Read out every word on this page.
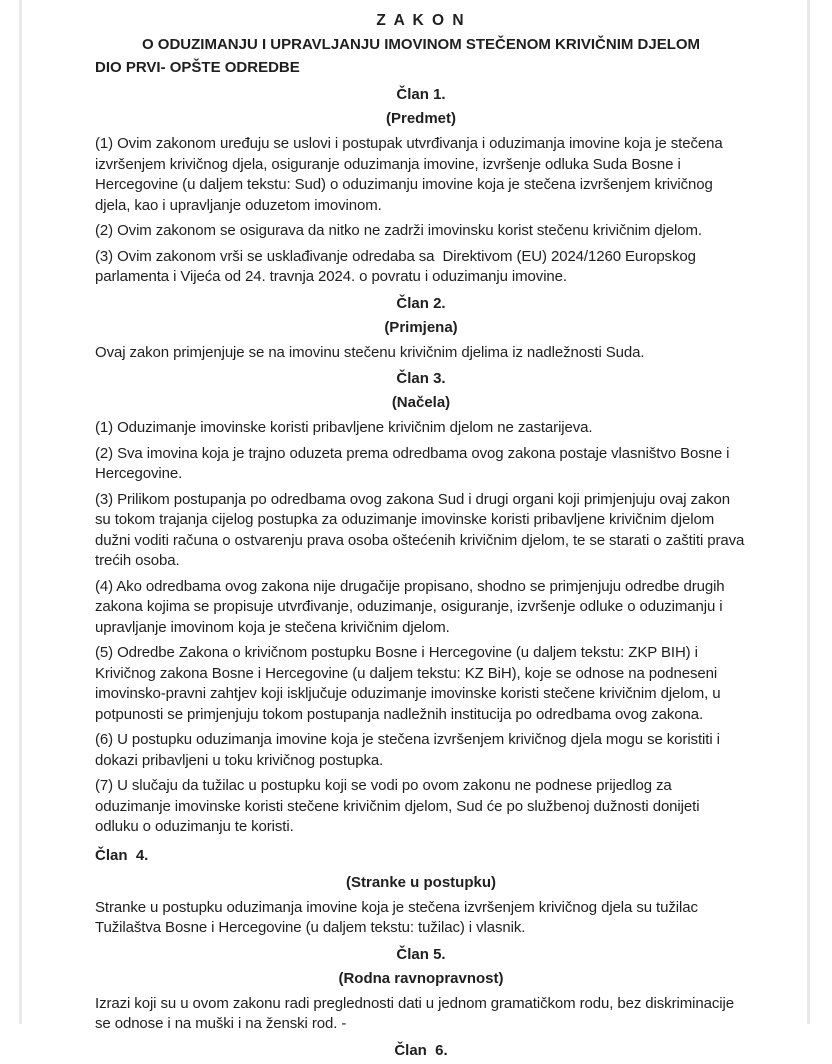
Z A K O N
O ODUZIMANJU I UPRAVLJANJU IMOVINOM STEČENOM KRIVIČNIM DJELOM
DIO PRVI- OPŠTE ODREDBE
Član 1.
(Predmet)

(1) Ovim zakonom uređuju se uslovi i postupak utvrđivanja i oduzimanja imovine koja je stečena izvršenjem krivičnog djela, osiguranje oduzimanja imovine, izvršenje odluka Suda Bosne i Hercegovine (u daljem tekstu: Sud) o oduzimanju imovine koja je stečena izvršenjem krivičnog djela, kao i upravljanje oduzetom imovinom.

(2) Ovim zakonom se osigurava da nitko ne zadrži imovinsku korist stečenu krivičnim djelom.

(3) Ovim zakonom vrši se usklađivanje odredaba sa  Direktivom (EU) 2024/1260 Europskog parlamenta i Vijeća od 24. travnja 2024. o povratu i oduzimanju imovine.

Član 2.
(Primjena)

Ovaj zakon primjenjuje se na imovinu stečenu krivičnim djelima iz nadležnosti Suda.

Član 3.
(Načela)

(1) Oduzimanje imovinske koristi pribavljene krivičnim djelom ne zastarijeva.

(2) Sva imovina koja je trajno oduzeta prema odredbama ovog zakona postaje vlasništvo Bosne i Hercegovine.

(3) Prilikom postupanja po odredbama ovog zakona Sud i drugi organi koji primjenjuju ovaj zakon su tokom trajanja cijelog postupka za oduzimanje imovinske koristi pribavljene krivičnim djelom dužni voditi računa o ostvarenju prava osoba oštećenih krivičnim djelom, te se starati o zaštiti prava trećih osoba.

(4) Ako odredbama ovog zakona nije drugačije propisano, shodno se primjenjuju odredbe drugih zakona kojima se propisuje utvrđivanje, oduzimanje, osiguranje, izvršenje odluke o oduzimanju i upravljanje imovinom koja je stečena krivičnim djelom.

(5) Odredbe Zakona o krivičnom postupku Bosne i Hercegovine (u daljem tekstu: ZKP BIH) i Krivičnog zakona Bosne i Hercegovine (u daljem tekstu: KZ BiH), koje se odnose na podneseni imovinsko-pravni zahtjev koji isključuje oduzimanje imovinske koristi stečene krivičnim djelom, u potpunosti se primjenjuju tokom postupanja nadležnih institucija po odredbama ovog zakona.

(6) U postupku oduzimanja imovine koja je stečena izvršenjem krivičnog djela mogu se koristiti i dokazi pribavljeni u toku krivičnog postupka.

(7) U slučaju da tužilac u postupku koji se vodi po ovom zakonu ne podnese prijedlog za oduzimanje imovinske koristi stečene krivičnim djelom, Sud će po službenoj dužnosti donijeti odluku o oduzimanju te koristi.

Član  4.
(Stranke u postupku)

Stranke u postupku oduzimanja imovine koja je stečena izvršenjem krivičnog djela su tužilac Tužilaštva Bosne i Hercegovine (u daljem tekstu: tužilac) i vlasnik.

Član 5.
(Rodna ravnopravnost)

Izrazi koji su u ovom zakonu radi preglednosti dati u jednom gramatičkom rodu, bez diskriminacije se odnose i na muški i na ženski rod. -

Član  6.
